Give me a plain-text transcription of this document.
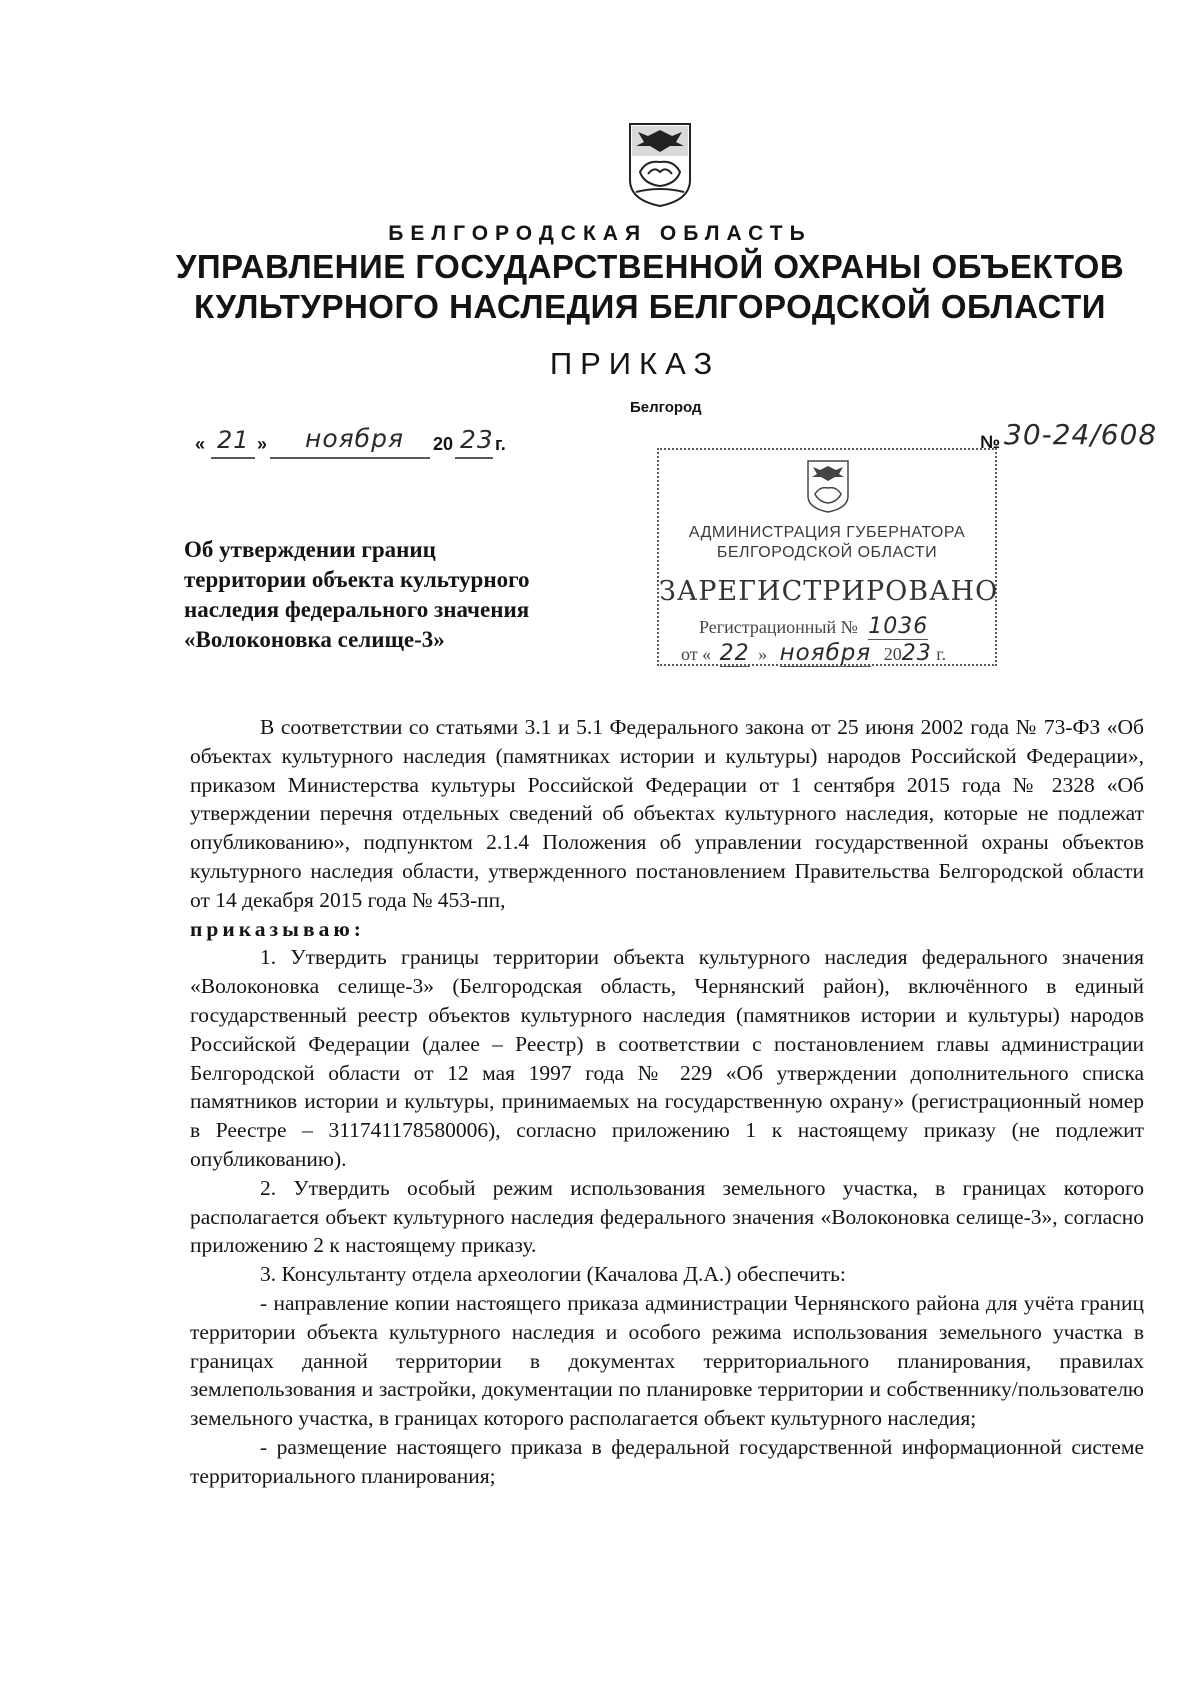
БЕЛГОРОДСКАЯ ОБЛАСТЬ
УПРАВЛЕНИЕ ГОСУДАРСТВЕННОЙ ОХРАНЫ ОБЪЕКТОВ
КУЛЬТУРНОГО НАСЛЕДИЯ БЕЛГОРОДСКОЙ ОБЛАСТИ
ПРИКАЗ
Белгород
« 21 » ноября 20 23 г.	№ 30-24/608
АДМИНИСТРАЦИЯ ГУБЕРНАТОРА
БЕЛГОРОДСКОЙ ОБЛАСТИ
ЗАРЕГИСТРИРОВАНО
Регистрационный № 1036
от « 22 » ноября 2023 г.
Об утверждении границ
территории объекта культурного
наследия федерального значения
«Волоконовка селище-3»

В соответствии со статьями 3.1 и 5.1 Федерального закона от 25 июня 2002 года № 73-ФЗ «Об объектах культурного наследия (памятниках истории и культуры) народов Российской Федерации», приказом Министерства культуры Российской Федерации от 1 сентября 2015 года № 2328 «Об утверждении перечня отдельных сведений об объектах культурного наследия, которые не подлежат опубликованию», подпунктом 2.1.4 Положения об управлении государственной охраны объектов культурного наследия области, утвержденного постановлением Правительства Белгородской области от 14 декабря 2015 года № 453-пп,

приказываю:

1. Утвердить границы территории объекта культурного наследия федерального значения «Волоконовка селище-3» (Белгородская область, Чернянский район), включённого в единый государственный реестр объектов культурного наследия (памятников истории и культуры) народов Российской Федерации (далее – Реестр) в соответствии с постановлением главы администрации Белгородской области от 12 мая 1997 года № 229 «Об утверждении дополнительного списка памятников истории и культуры, принимаемых на государственную охрану» (регистрационный номер в Реестре – 311741178580006), согласно приложению 1 к настоящему приказу (не подлежит опубликованию).

2. Утвердить особый режим использования земельного участка, в границах которого располагается объект культурного наследия федерального значения «Волоконовка селище-3», согласно приложению 2 к настоящему приказу.

3. Консультанту отдела археологии (Качалова Д.А.) обеспечить:

- направление копии настоящего приказа администрации Чернянского района для учёта границ территории объекта культурного наследия и особого режима использования земельного участка в границах данной территории в документах территориального планирования, правилах землепользования и застройки, документации по планировке территории и собственнику/пользователю земельного участка, в границах которого располагается объект культурного наследия;

- размещение настоящего приказа в федеральной государственной информационной системе территориального планирования;
